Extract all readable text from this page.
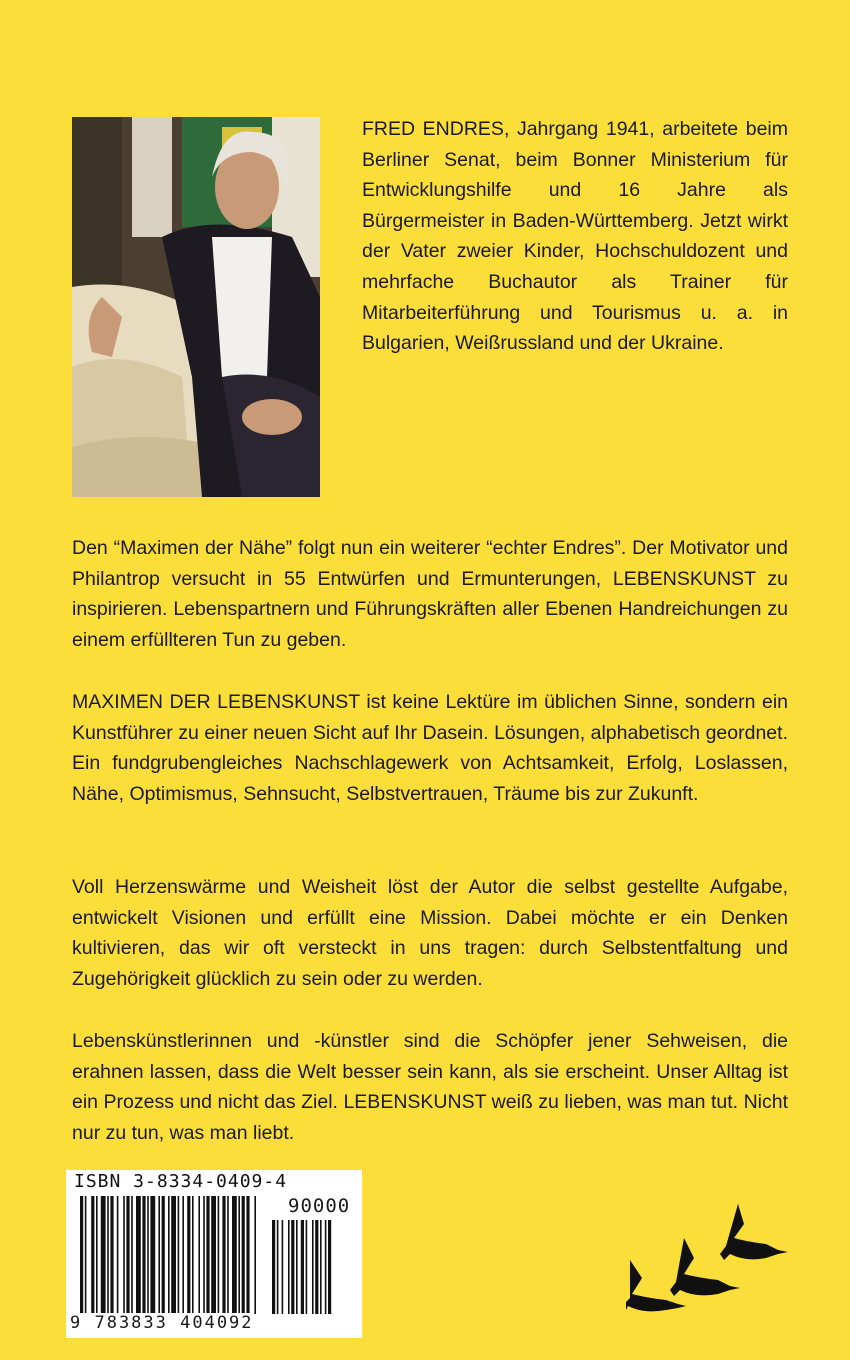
FRED ENDRES, Jahrgang 1941, arbeitete beim Berliner Senat, beim Bonner Ministerium für Entwicklungshilfe und 16 Jahre als Bürgermeister in Baden-Württemberg. Jetzt wirkt der Vater zweier Kinder, Hochschuldozent und mehrfache Buchautor als Trainer für Mitarbeiterführung und Tourismus u. a. in Bulgarien, Weißrussland und der Ukraine.

Den “Maximen der Nähe” folgt nun ein weiterer “echter Endres”. Der Motivator und Philantrop versucht in 55 Entwürfen und Ermunterungen, LEBENSKUNST zu inspirieren. Lebenspartnern und Führungskräften aller Ebenen Handreichungen zu einem erfüllteren Tun zu geben.

MAXIMEN DER LEBENSKUNST ist keine Lektüre im üblichen Sinne, sondern ein Kunstführer zu einer neuen Sicht auf Ihr Dasein. Lösungen, alphabetisch geordnet. Ein fundgrubengleiches Nachschlagewerk von Achtsamkeit, Erfolg, Loslassen, Nähe, Optimismus, Sehnsucht, Selbstvertrauen, Träume bis zur Zukunft.

Voll Herzenswärme und Weisheit löst der Autor die selbst gestellte Aufgabe, entwickelt Visionen und erfüllt eine Mission. Dabei möchte er ein Denken kultivieren, das wir oft versteckt in uns tragen: durch Selbstentfaltung und Zugehörigkeit glücklich zu sein oder zu werden.

Lebenskünstlerinnen und -künstler sind die Schöpfer jener Sehweisen, die erahnen lassen, dass die Welt besser sein kann, als sie erscheint. Unser Alltag ist ein Prozess und nicht das Ziel. LEBENSKUNST weiß zu lieben, was man tut. Nicht nur zu tun, was man liebt.

ISBN 3-8334-0409-4
90000
9 783833 404092
